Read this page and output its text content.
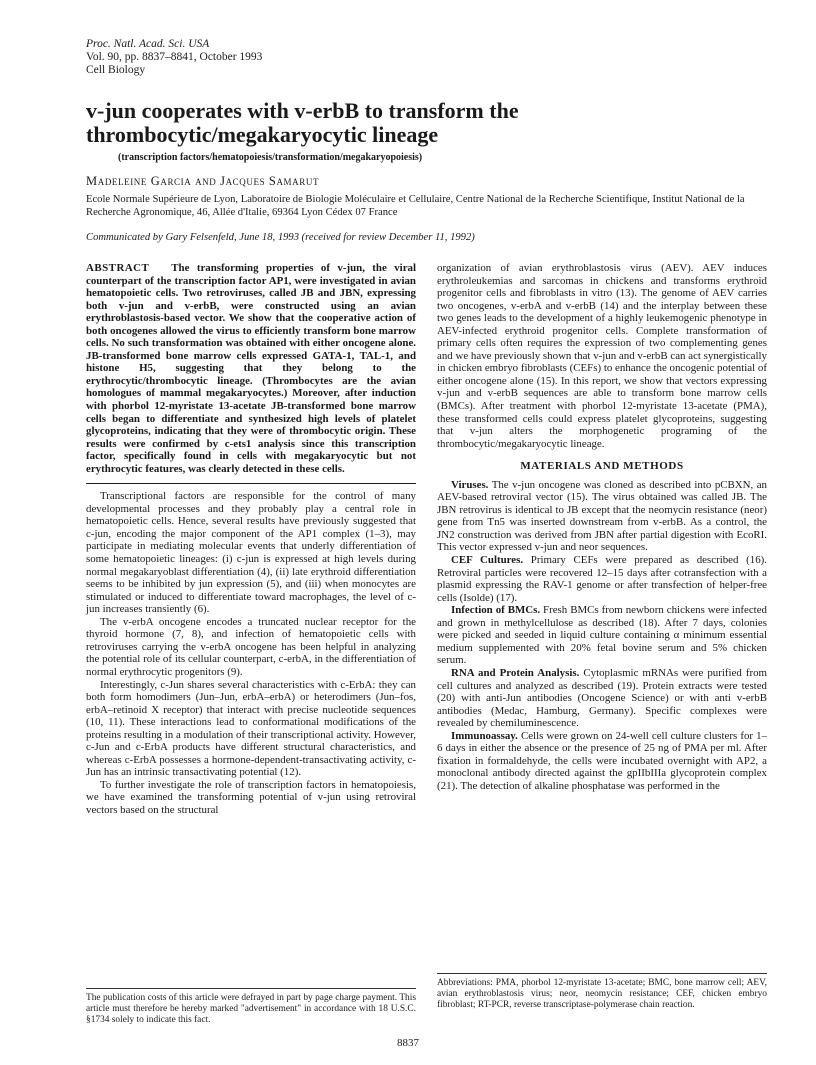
Proc. Natl. Acad. Sci. USA
Vol. 90, pp. 8837–8841, October 1993
Cell Biology
v-jun cooperates with v-erbB to transform the
thrombocytic/megakaryocytic lineage
(transcription factors/hematopoiesis/transformation/megakaryopoiesis)
Madeleine Garcia and Jacques Samarut
Ecole Normale Supérieure de Lyon, Laboratoire de Biologie Moléculaire et Cellulaire, Centre National de la Recherche Scientifique, Institut National de la Recherche Agronomique, 46, Allée d'Italie, 69364 Lyon Cédex 07 France
Communicated by Gary Felsenfeld, June 18, 1993 (received for review December 11, 1992)
ABSTRACT The transforming properties of v-jun, the viral counterpart of the transcription factor AP1, were investigated in avian hematopoietic cells. Two retroviruses, called JB and JBN, expressing both v-jun and v-erbB, were constructed using an avian erythroblastosis-based vector. We show that the cooperative action of both oncogenes allowed the virus to efficiently transform bone marrow cells. No such transformation was obtained with either oncogene alone. JB-transformed bone marrow cells expressed GATA-1, TAL-1, and histone H5, suggesting that they belong to the erythrocytic/thrombocytic lineage. (Thrombocytes are the avian homologues of mammal megakaryocytes.) Moreover, after induction with phorbol 12-myristate 13-acetate JB-transformed bone marrow cells began to differentiate and synthesized high levels of platelet glycoproteins, indicating that they were of thrombocytic origin. These results were confirmed by c-ets1 analysis since this transcription factor, specifically found in cells with megakaryocytic but not erythrocytic features, was clearly detected in these cells.

Transcriptional factors are responsible for the control of many developmental processes and they probably play a central role in hematopoietic cells. Hence, several results have previously suggested that c-jun, encoding the major component of the AP1 complex (1–3), may participate in mediating molecular events that underly differentiation of some hematopoietic lineages: (i) c-jun is expressed at high levels during normal megakaryoblast differentiation (4), (ii) late erythroid differentiation seems to be inhibited by jun expression (5), and (iii) when monocytes are stimulated or induced to differentiate toward macrophages, the level of c-jun increases transiently (6).

The v-erbA oncogene encodes a truncated nuclear receptor for the thyroid hormone (7, 8), and infection of hematopoietic cells with retroviruses carrying the v-erbA oncogene has been helpful in analyzing the potential role of its cellular counterpart, c-erbA, in the differentiation of normal erythrocytic progenitors (9).

Interestingly, c-Jun shares several characteristics with c-ErbA: they can both form homodimers (Jun–Jun, erbA–erbA) or heterodimers (Jun–fos, erbA–retinoid X receptor) that interact with precise nucleotide sequences (10, 11). These interactions lead to conformational modifications of the proteins resulting in a modulation of their transcriptional activity. However, c-Jun and c-ErbA products have different structural characteristics, and whereas c-ErbA possesses a hormone-dependent-transactivating activity, c-Jun has an intrinsic transactivating potential (12).

To further investigate the role of transcription factors in hematopoiesis, we have examined the transforming potential of v-jun using retroviral vectors based on the structural

organization of avian erythroblastosis virus (AEV). AEV induces erythroleukemias and sarcomas in chickens and transforms erythroid progenitor cells and fibroblasts in vitro (13). The genome of AEV carries two oncogenes, v-erbA and v-erbB (14) and the interplay between these two genes leads to the development of a highly leukemogenic phenotype in AEV-infected erythroid progenitor cells. Complete transformation of primary cells often requires the expression of two complementing genes and we have previously shown that v-jun and v-erbB can act synergistically in chicken embryo fibroblasts (CEFs) to enhance the oncogenic potential of either oncogene alone (15). In this report, we show that vectors expressing v-jun and v-erbB sequences are able to transform bone marrow cells (BMCs). After treatment with phorbol 12-myristate 13-acetate (PMA), these transformed cells could express platelet glycoproteins, suggesting that v-jun alters the morphogenetic programing of the thrombocytic/megakaryocytic lineage.

MATERIALS AND METHODS

Viruses. The v-jun oncogene was cloned as described into pCBXN, an AEV-based retroviral vector (15). The virus obtained was called JB. The JBN retrovirus is identical to JB except that the neomycin resistance (neor) gene from Tn5 was inserted downstream from v-erbB. As a control, the JN2 construction was derived from JBN after partial digestion with EcoRI. This vector expressed v-jun and neor sequences.

CEF Cultures. Primary CEFs were prepared as described (16). Retroviral particles were recovered 12–15 days after cotransfection with a plasmid expressing the RAV-1 genome or after transfection of helper-free cells (Isolde) (17).

Infection of BMCs. Fresh BMCs from newborn chickens were infected and grown in methylcellulose as described (18). After 7 days, colonies were picked and seeded in liquid culture containing α minimum essential medium supplemented with 20% fetal bovine serum and 5% chicken serum.

RNA and Protein Analysis. Cytoplasmic mRNAs were purified from cell cultures and analyzed as described (19). Protein extracts were tested (20) with anti-Jun antibodies (Oncogene Science) or with anti v-erbB antibodies (Medac, Hamburg, Germany). Specific complexes were revealed by chemiluminescence.

Immunoassay. Cells were grown on 24-well cell culture clusters for 1–6 days in either the absence or the presence of 25 ng of PMA per ml. After fixation in formaldehyde, the cells were incubated overnight with AP2, a monoclonal antibody directed against the gpIIbIIIa glycoprotein complex (21). The detection of alkaline phosphatase was performed in the

The publication costs of this article were defrayed in part by page charge payment. This article must therefore be hereby marked "advertisement" in accordance with 18 U.S.C. §1734 solely to indicate this fact.
Abbreviations: PMA, phorbol 12-myristate 13-acetate; BMC, bone marrow cell; AEV, avian erythroblastosis virus; neor, neomycin resistance; CEF, chicken embryo fibroblast; RT-PCR, reverse transcriptase-polymerase chain reaction.
8837
